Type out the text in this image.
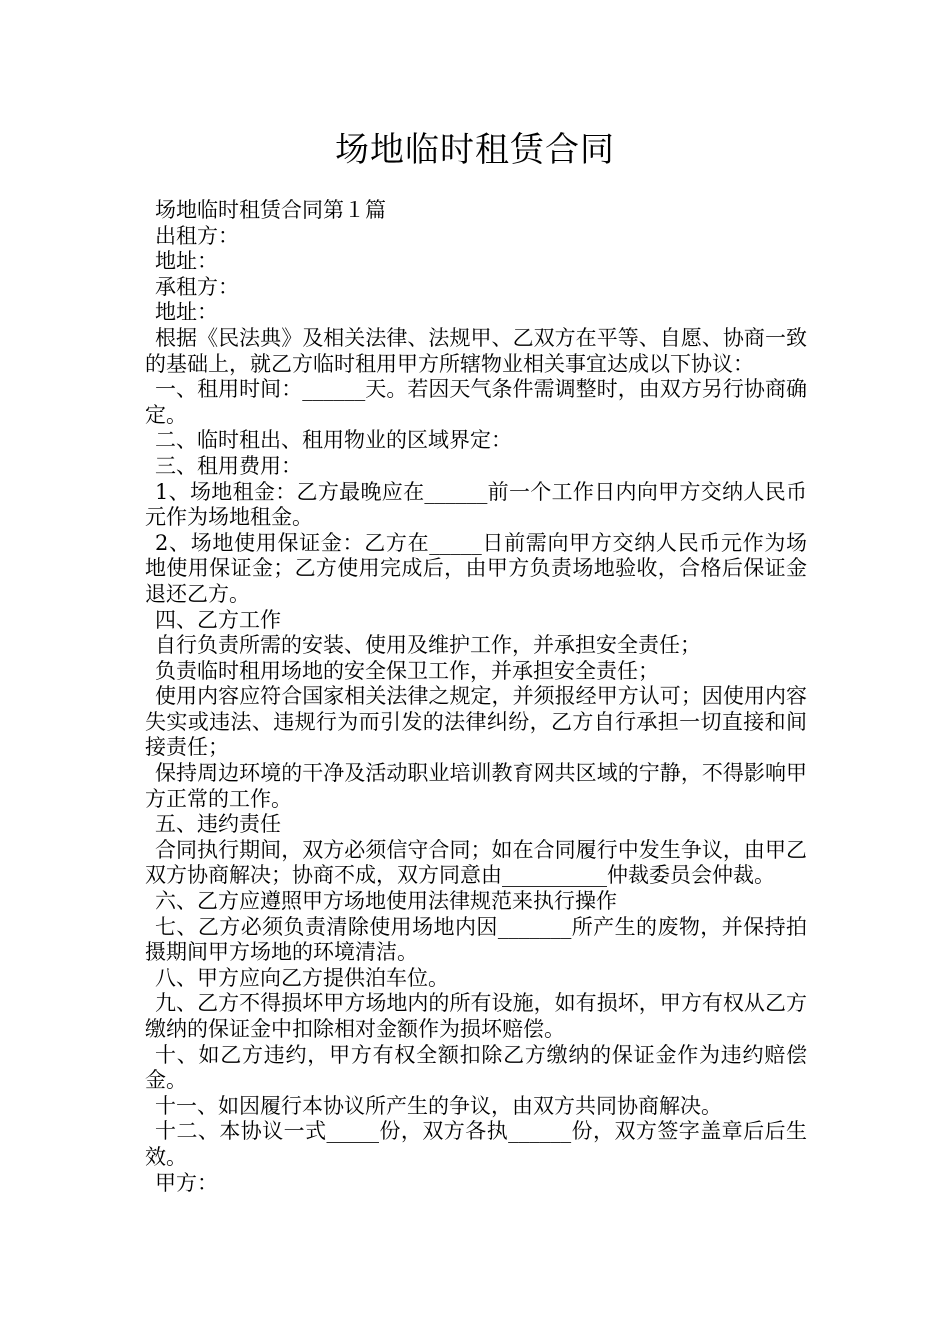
场地临时租赁合同

场地临时租赁合同第１篇

出租方：

地址：

承租方：

地址：

根据《民法典》及相关法律、法规甲、乙双方在平等、自愿、协商一致的基础上，就乙方临时租用甲方所辖物业相关事宜达成以下协议：

一、租用时间：______天。若因天气条件需调整时，由双方另行协商确定。

二、临时租出、租用物业的区域界定：

三、租用费用：

1、场地租金：乙方最晚应在______前一个工作日内向甲方交纳人民币元作为场地租金。

2、场地使用保证金：乙方在_____日前需向甲方交纳人民币元作为场地使用保证金；乙方使用完成后，由甲方负责场地验收，合格后保证金退还乙方。

四、乙方工作

自行负责所需的安装、使用及维护工作，并承担安全责任；

负责临时租用场地的安全保卫工作，并承担安全责任；

使用内容应符合国家相关法律之规定，并须报经甲方认可；因使用内容失实或违法、违规行为而引发的法律纠纷，乙方自行承担一切直接和间接责任；

保持周边环境的干净及活动职业培训教育网共区域的宁静，不得影响甲方正常的工作。

五、违约责任

合同执行期间，双方必须信守合同；如在合同履行中发生争议，由甲乙双方协商解决；协商不成，双方同意由__________仲裁委员会仲裁。

六、乙方应遵照甲方场地使用法律规范来执行操作

七、乙方必须负责清除使用场地内因_______所产生的废物，并保持拍摄期间甲方场地的环境清洁。

八、甲方应向乙方提供泊车位。

九、乙方不得损坏甲方场地内的所有设施，如有损坏，甲方有权从乙方缴纳的保证金中扣除相对金额作为损坏赔偿。

十、如乙方违约，甲方有权全额扣除乙方缴纳的保证金作为违约赔偿金。

十一、如因履行本协议所产生的争议，由双方共同协商解决。

十二、本协议一式_____份，双方各执______份，双方签字盖章后后生效。

甲方：
